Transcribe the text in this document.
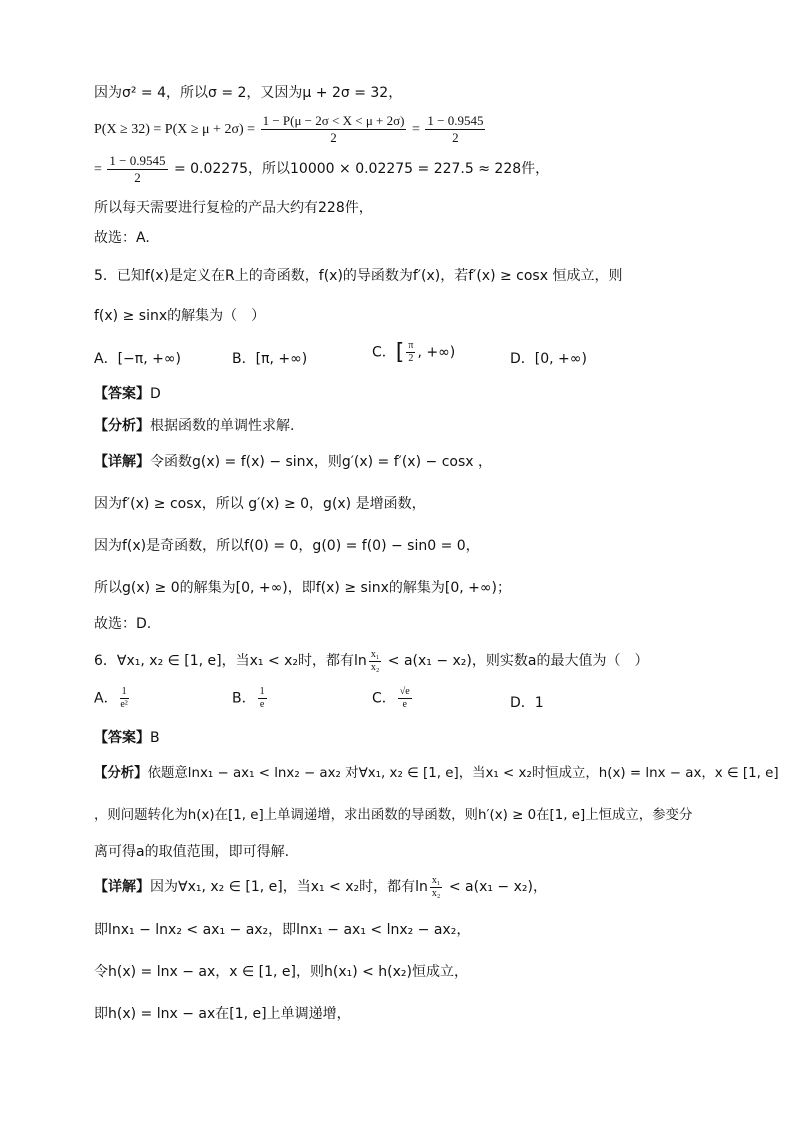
因为σ² = 4，所以σ = 2，又因为μ + 2σ = 32，
$P(X \ge 32) = P(X \ge \mu + 2\sigma) = \frac{1 - P(\mu - 2\sigma < X < \mu + 2\sigma)}{2} = \frac{1 - 0.9545}{2}$
= $\frac{1 - 0.9545}{2} = 0.02275$，所以10000 × 0.02275 = 227.5 ≈ 228件，
所以每天需要进行复检的产品大约有228件，
故选：A.
5．已知f(x)是定义在R上的奇函数，f(x)的导函数为f′(x)，若f′(x) ≥ cosx 恒成立，则
f(x) ≥ sinx的解集为（　）
A．[−π, +∞)	B．[π, +∞)	C．[ $\frac{\pi}{2}$ , +∞)	D．[0, +∞)
【答案】D
【分析】根据函数的单调性求解.
【详解】令函数g(x) = f(x) − sinx，则g′(x) = f′(x) − cosx ，
因为f′(x) ≥ cosx，所以 g′(x) ≥ 0，g(x) 是增函数，
因为f(x)是奇函数，所以f(0) = 0，g(0) = f(0) − sin0 = 0，
所以g(x) ≥ 0的解集为[0, +∞)，即f(x) ≥ sinx的解集为[0, +∞)；
故选：D.
6．∀x₁, x₂ ∈ [1, e]，当x₁ < x₂时，都有$\ln \frac{\text{x₁}}{\text{x₂}} < a(x_1 - x_2)$，则实数a的最大值为（　）
A． $\frac{1}{\text{e²}}$	B． $\frac{1}{e}$	C． $\frac{√e}{e}$	D．1
【答案】B
【分析】依题意lnx₁ − ax₁ < lnx₂ − ax₂ 对∀x₁, x₂ ∈ [1, e]，当x₁ < x₂时恒成立，h(x) = lnx − ax，x ∈ [1, e]
，则问题转化为h(x)在[1, e]上单调递增，求出函数的导函数，则h′(x) ≥ 0在[1, e]上恒成立，参变分
离可得a的取值范围，即可得解.
【详解】因为∀x₁, x₂ ∈ [1, e]，当x₁ < x₂时，都有$\ln \frac{\text{x₁}}{\text{x₂}} < a(x_1 - x_2)$，
即lnx₁ − lnx₂ < ax₁ − ax₂，即lnx₁ − ax₁ < lnx₂ − ax₂，
令h(x) = lnx − ax，x ∈ [1, e]，则h(x₁) < h(x₂)恒成立，
即h(x) = lnx − ax在[1, e]上单调递增，
